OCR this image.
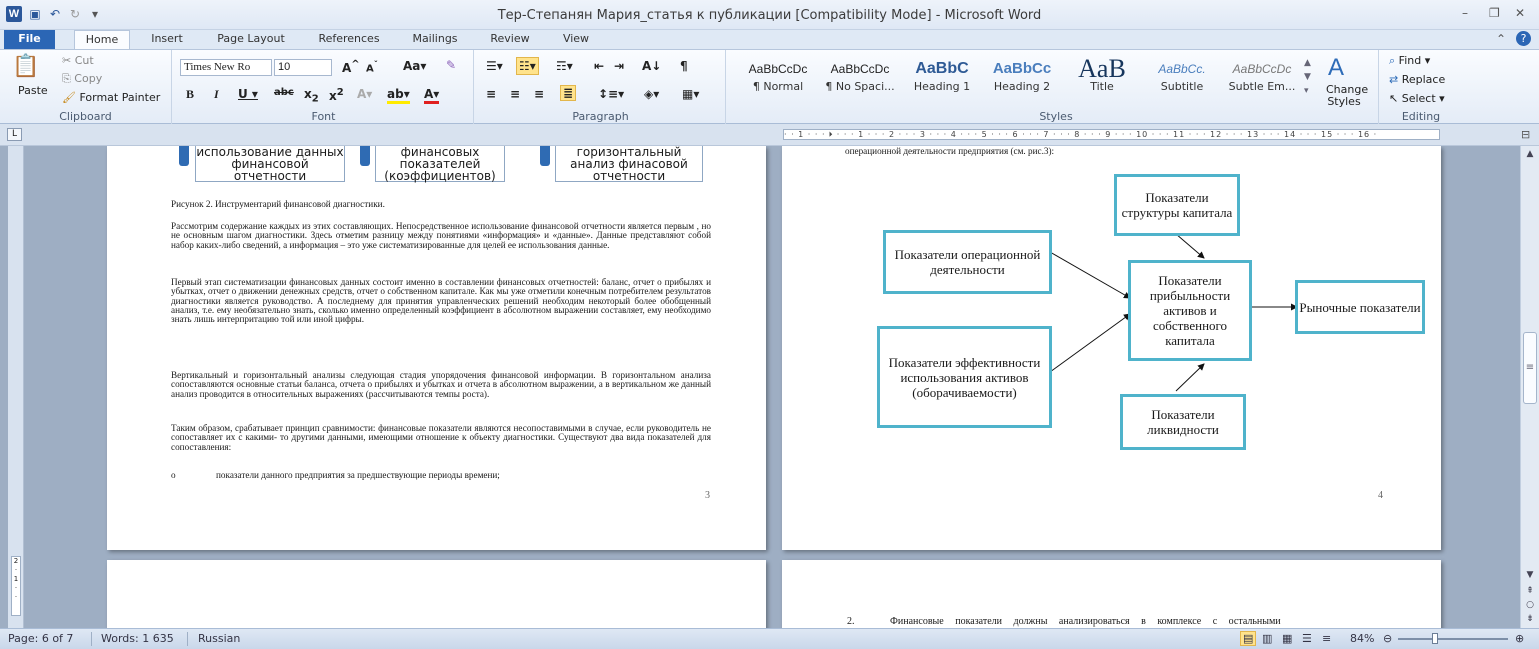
W ▣ ↶ ↻ ▾	Тер-Степанян Мария_статья к публикации [Compatibility Mode] - Microsoft Word	– ❐ ✕
File	Home	Insert	Page Layout	References	Mailings	Review	View	⌃	?
📋
Paste
✂ Cut
⎘ Copy
🖌 Format Painter
Clipboard
Times New Ro	10	A^ $A^ˇ$ Aa▾ ✎
B I U ▾ abc $x_2$ $x^2$ A▾ ab▾ A▾
Font
☰▾ ☷▾ ☶▾ ⇤ ⇥ A↓ ¶
≡ ≡ ≡ ≣ ↕≡▾ ◈▾ ▦▾
Paragraph
AaBbCcDc
¶ Normal
AaBbCcDc
¶ No Spaci...
AaBbC
Heading 1
AaBbCc
Heading 2
AaB
Title
AaBbCc.
Subtitle
AaBbCcDc
Subtle Em...
▲
▼
▾
A
Change Styles
Styles
⌕ Find ▾
⇄ Replace
↖ Select ▾
Editing
L	· · 1 · · · 🞂 · · · 1 · · · 2 · · · 3 · · · 4 · · · 5 · · · 6 · · · 7 · · · 8 · · · 9 · · · 10 · · · 11 · · · 12 · · · 13 · · · 14 · · · 15 · · · 16 ·	⊟
2
·
1
·
·
использование данных финансовой отчетности
финансовых показателей (коэффициентов)
горизонтальный анализ финасовой отчетности
Рисунок 2. Инструментарий финансовой диагностики.
Рассмотрим содержание каждых из этих составляющих. Непосредственное использование финансовой отчетности является первым , но не основным шагом диагностики. Здесь отметим разницу между понятиями «информация» и «данные». Данные представляют собой набор каких-либо сведений, а информация – это уже систематизированные для целей ее использования данные.
Первый этап систематизации финансовых данных состоит именно в составлении финансовых отчетностей: баланс, отчет о прибылях и убытках, отчет о движении денежных средств, отчет о собственном капитале. Как мы уже отметили конечным потребителем результатов диагностики является руководство. А последнему для принятия управленческих решений необходим некоторый более обобщенный анализ, т.е. ему необязательно знать, сколько именно определенный коэффициент в абсолютном выражении составляет, ему необходимо знать лишь интерпритацию той или иной цифры.
Вертикальный и горизонтальный анализы следующая стадия упорядочения финансовой информации. В горизонтальном анализа сопоставляются основные статьи баланса, отчета о прибылях и убытках и отчета в абсолютном выражении, а в вертикальном же данный анализ проводится в относительных выражениях (рассчитываются темпы роста).
Таким образом, срабатывает принцип сравнимости: финансовые показатели являются несопоставимыми в случае, если руководитель не сопоставляет их с какими- то другими данными, имеющими отношение к объекту диагностики. Существуют два вида показателей для сопоставления:
o	показатели данного предприятия за предшествующие периоды времени;
3
операционной деятельности предприятия (см. рис.3):
Показатели структуры капитала
Показатели операционной деятельности
Показатели прибыльности активов и собственного капитала
Рыночные показатели
Показатели эффективности использования активов (оборачиваемости)
Показатели ликвидности
4
2.	Финансовые показатели должны анализироваться в комплексе с остальными
▲
≡
▼
⇞
○
⇟
Page: 6 of 7	Words: 1 635 Russian	▤ ▥ ▦ ☰ ≡ 84% ⊖	⊕
